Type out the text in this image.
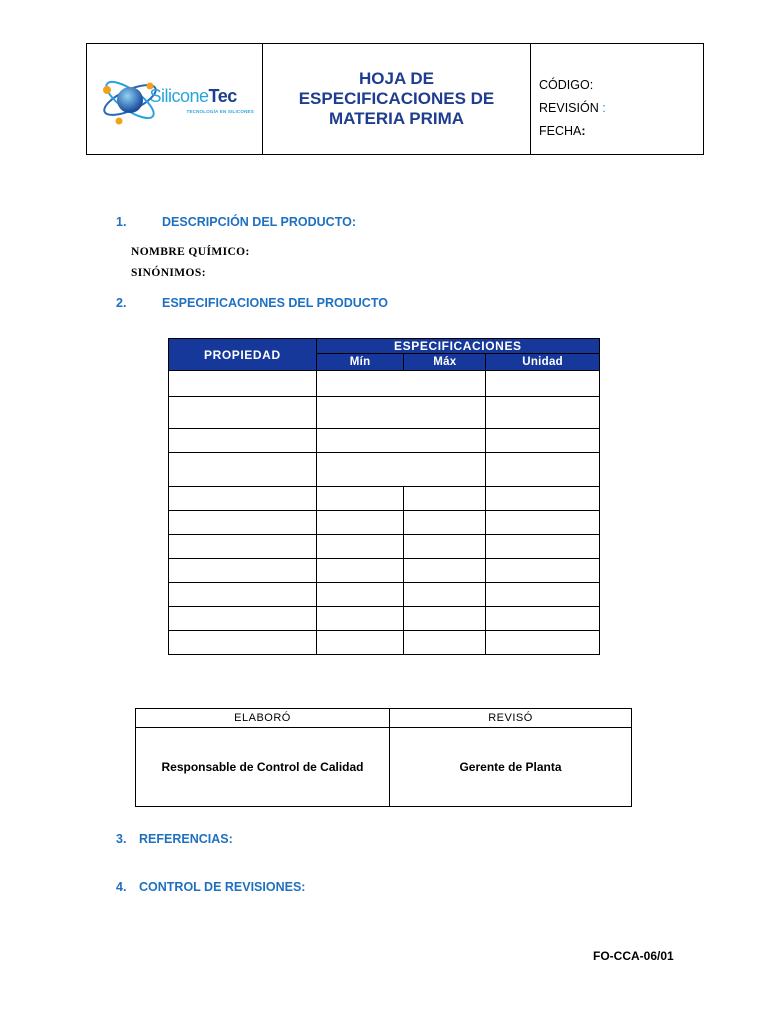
SiliconeTec
TECNOLOGÍA EN SILICONES
HOJA DE
ESPECIFICACIONES DE
MATERIA PRIMA
CÓDIGO:
REVISIÓN :
FECHA:
1.	DESCRIPCIÓN DEL PRODUCTO:
NOMBRE QUÍMICO:
SINÓNIMOS:
2.	ESPECIFICACIONES DEL PRODUCTO
PROPIEDAD	ESPECIFICACIONES		
	Mín	Máx	Unidad

ELABORÓ	REVISÓ
Responsable de Control de Calidad	Gerente de Planta
3. REFERENCIAS:
4. CONTROL DE REVISIONES:
FO-CCA-06/01
